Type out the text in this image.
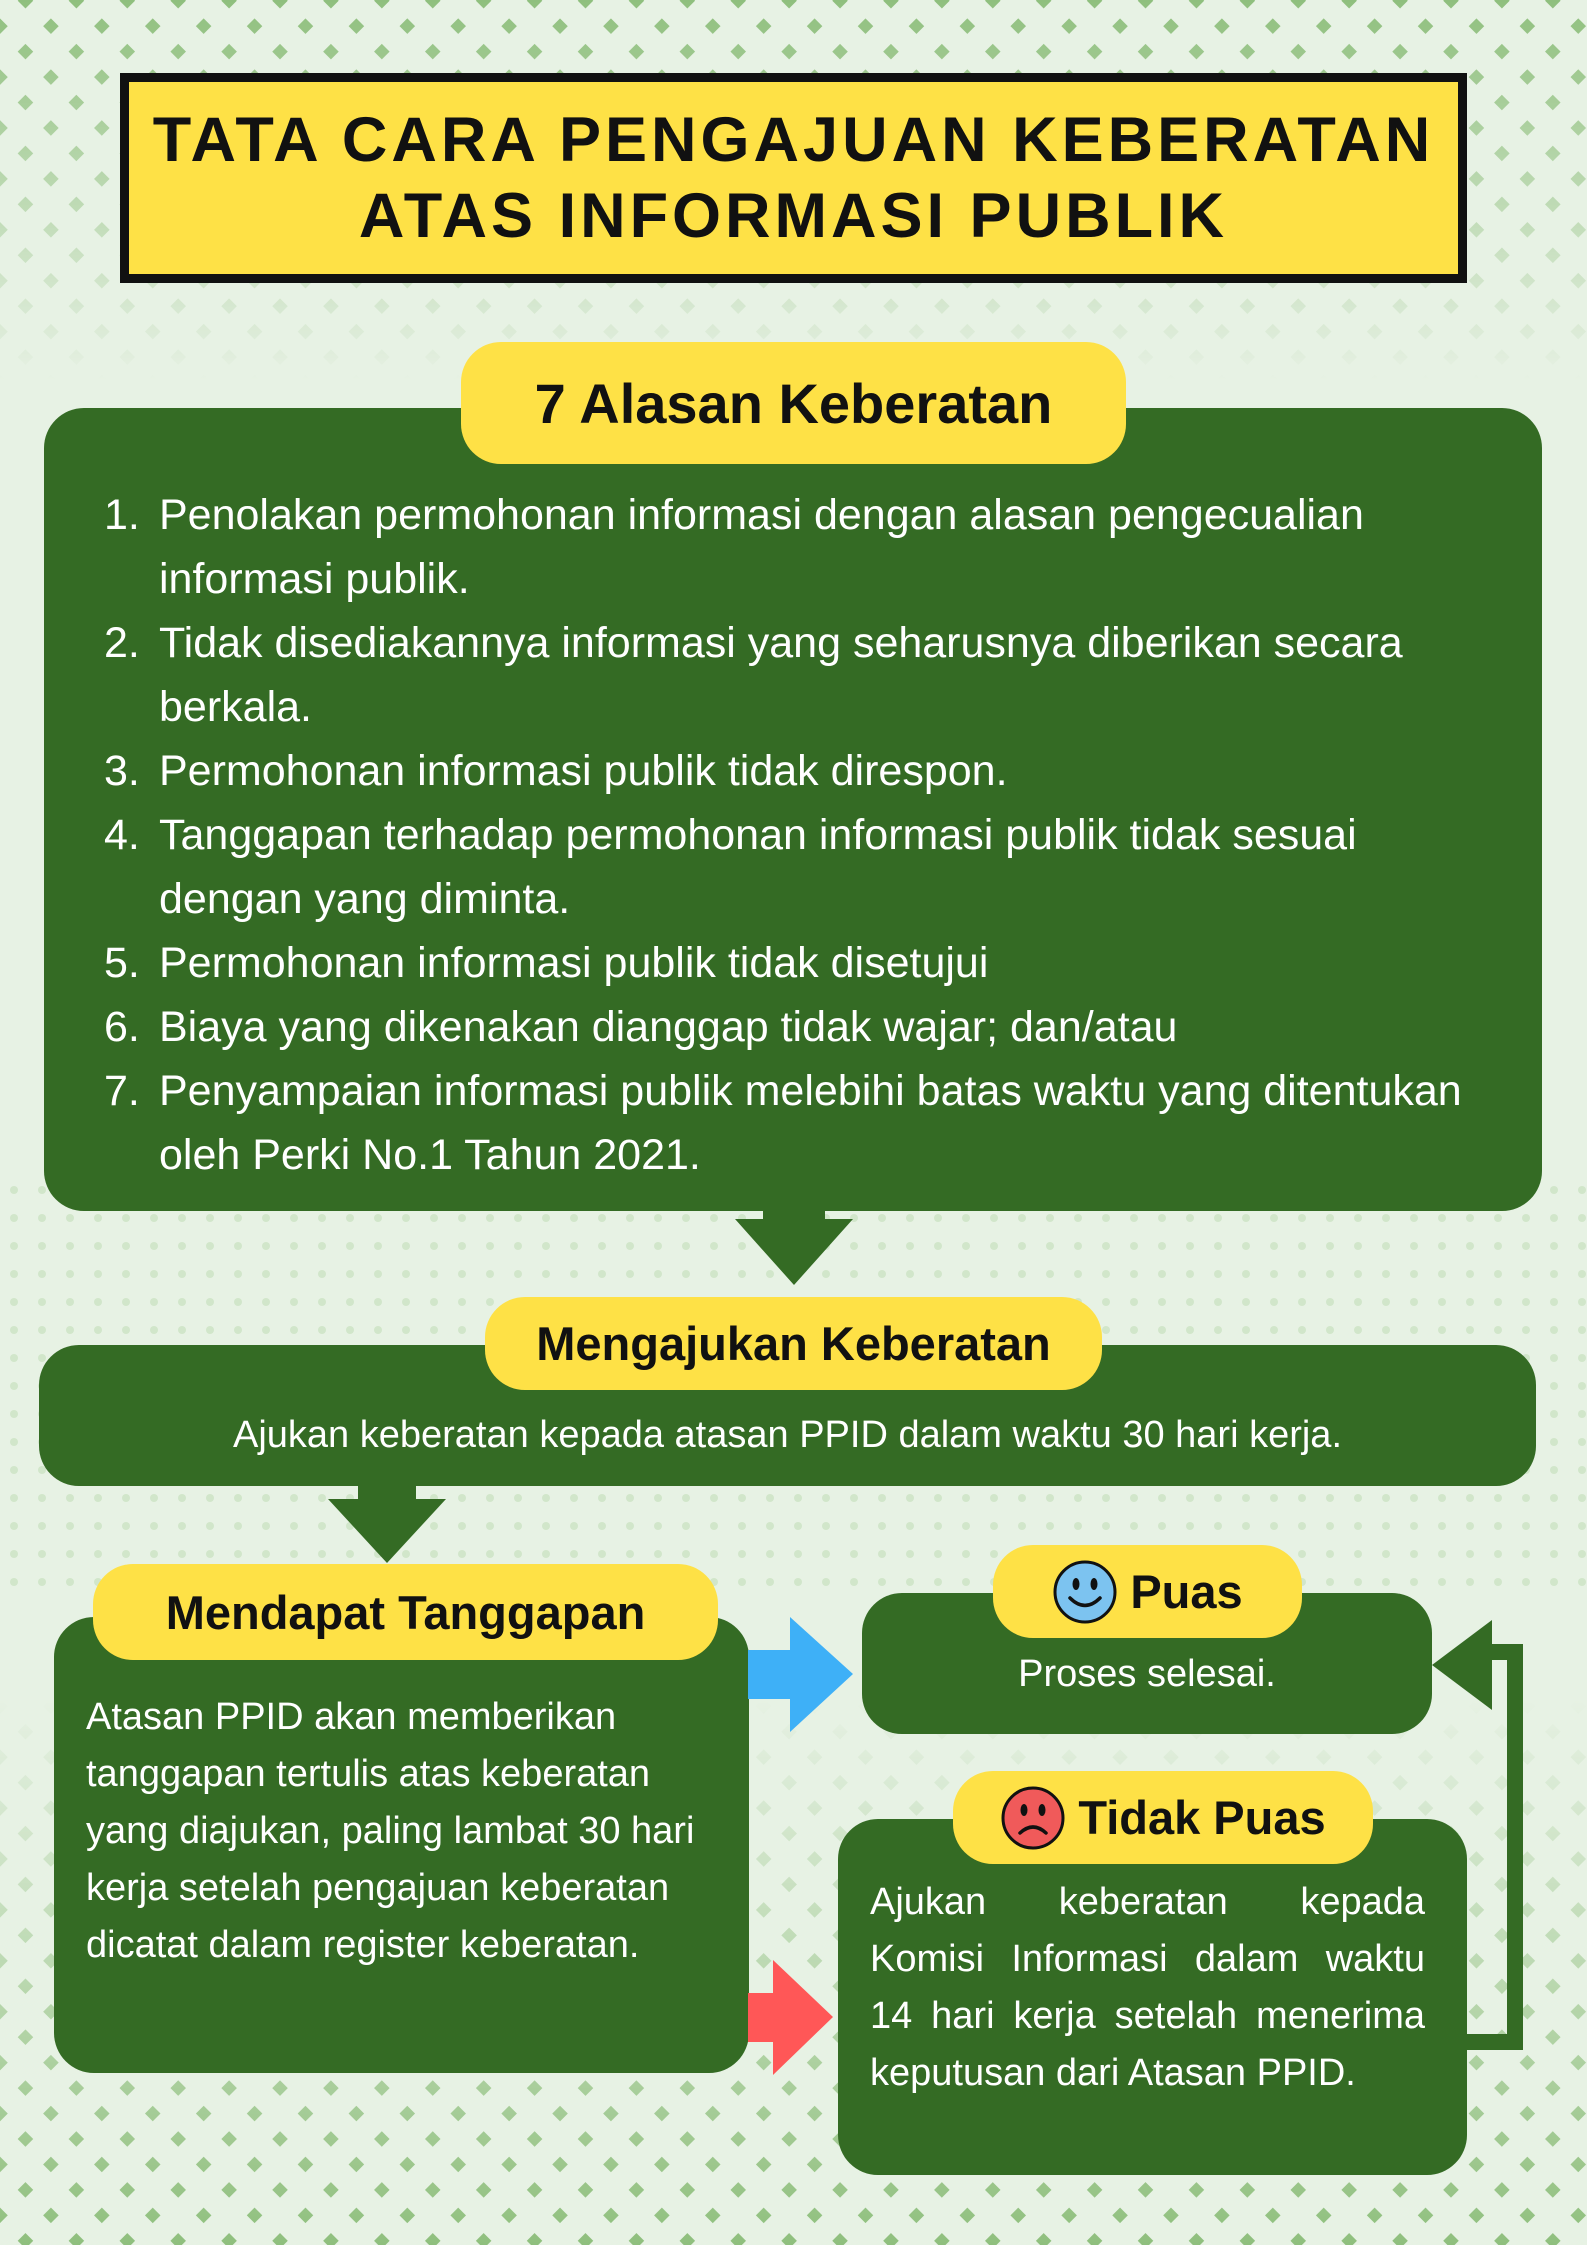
TATA CARA PENGAJUAN KEBERATAN
ATAS INFORMASI PUBLIK
1. Penolakan permohonan informasi dengan alasan pengecualian informasi publik.
2. Tidak disediakannya informasi yang seharusnya diberikan secara berkala.
3. Permohonan informasi publik tidak direspon.
4. Tanggapan terhadap permohonan informasi publik tidak sesuai dengan yang diminta.
5. Permohonan informasi publik tidak disetujui
6. Biaya yang dikenakan dianggap tidak wajar; dan/atau
7. Penyampaian informasi publik melebihi batas waktu yang ditentukan oleh Perki No.1 Tahun 2021.
7 Alasan Keberatan
Ajukan keberatan kepada atasan PPID dalam waktu 30 hari kerja.
Mengajukan Keberatan
Atasan PPID akan memberikan tanggapan tertulis atas keberatan yang diajukan, paling lambat 30 hari kerja setelah pengajuan keberatan dicatat dalam register keberatan.
Mendapat Tanggapan
Proses selesai.
Puas
Ajukan keberatan kepada Komisi Informasi dalam waktu 14 hari kerja setelah menerima keputusan dari Atasan PPID.
Tidak Puas
